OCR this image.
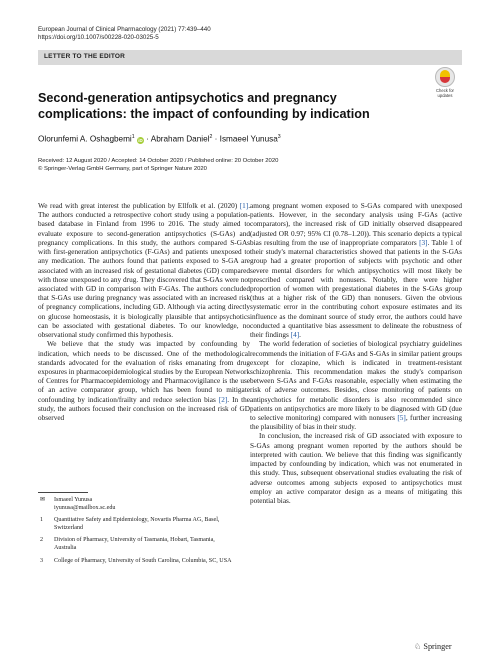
European Journal of Clinical Pharmacology (2021) 77:439–440
https://doi.org/10.1007/s00228-020-03025-5
LETTER TO THE EDITOR
Check for updates
Second-generation antipsychotics and pregnancy complications: the impact of confounding by indication
Olorunfemi A. Oshagbemi$^1$ iD · Abraham Daniel$^2$ · Ismaeel Yunusa$^3$
Received: 12 August 2020 / Accepted: 14 October 2020 / Published online: 20 October 2020
© Springer-Verlag GmbH Germany, part of Springer Nature 2020

We read with great interest the publication by Ellfolk et al. (2020) [1]. The authors conducted a retrospective cohort study using a population-based database in Finland from 1996 to 2016. The study aimed to evaluate exposure to second-generation antipsychotics (S-GAs) and pregnancy complications. In this study, the authors compared S-GAs with first-generation antipsychotics (F-GAs) and patients unexposed to any medication. The authors found that patients exposed to S-GA are associated with an increased risk of gestational diabetes (GD) compared with those unexposed to any drug. They discovered that S-GAs were not associated with GD in comparison with F-GAs. The authors concluded that S-GAs use during pregnancy was associated with an increased risk of pregnancy complications, including GD. Although via acting directly on glucose homeostasis, it is biologically plausible that antipsychotics can be associated with gestational diabetes. To our knowledge, no observational study confirmed this hypothesis.

We believe that the study was impacted by confounding by indication, which needs to be discussed. One of the methodological standards advocated for the evaluation of risks emanating from drug exposures in pharmacoepidemiological studies by the European Network of Centres for Pharmacoepidemiology and Pharmacovigilance is the use of an active comparator group, which has been found to mitigate confounding by indication/frailty and reduce selection bias [2]. In the study, the authors focused their conclusion on the increased risk of GD observed

among pregnant women exposed to S-GAs compared with unexposed patients. However, in the secondary analysis using F-GAs (active comparators), the increased risk of GD initially observed disappeared (adjusted OR 0.97; 95% CI (0.78–1.20)). This scenario depicts a typical bias resulting from the use of inappropriate comparators [3]. Table 1 of their study's maternal characteristics showed that patients in the S-GAs group had a greater proportion of subjects with psychotic and other severe mental disorders for which antipsychotics will most likely be prescribed compared with nonusers. Notably, there were higher proportion of women with pregestational diabetes in the S-GAs group (thus at a higher risk of the GD) than nonusers. Given the obvious systematic error in the contributing cohort exposure estimates and its influence as the dominant source of study error, the authors could have conducted a quantitative bias assessment to delineate the robustness of their findings [4].

The world federation of societies of biological psychiatry guidelines recommends the initiation of F-GAs and S-GAs in similar patient groups except for clozapine, which is indicated in treatment-resistant schizophrenia. This recommendation makes the study's comparison between S-GAs and F-GAs reasonable, especially when estimating the risk of adverse outcomes. Besides, close monitoring of patients on antipsychotics for metabolic disorders is also recommended since patients on antipsychotics are more likely to be diagnosed with GD (due to selective monitoring) compared with nonusers [5], further increasing the plausibility of bias in their study.

In conclusion, the increased risk of GD associated with exposure to S-GAs among pregnant women reported by the authors should be interpreted with caution. We believe that this finding was significantly impacted by confounding by indication, which was not enumerated in this study. Thus, subsequent observational studies evaluating the risk of adverse outcomes among subjects exposed to antipsychotics must employ an active comparator design as a means of mitigating this potential bias.

✉ Ismaeel Yunusa
iyunusa@mailbox.sc.edu
1 Quantitative Safety and Epidemiology, Novartis Pharma AG, Basel, Switzerland
2 Division of Pharmacy, University of Tasmania, Hobart, Tasmania, Australia
3 College of Pharmacy, University of South Carolina, Columbia, SC, USA
♘ Springer
